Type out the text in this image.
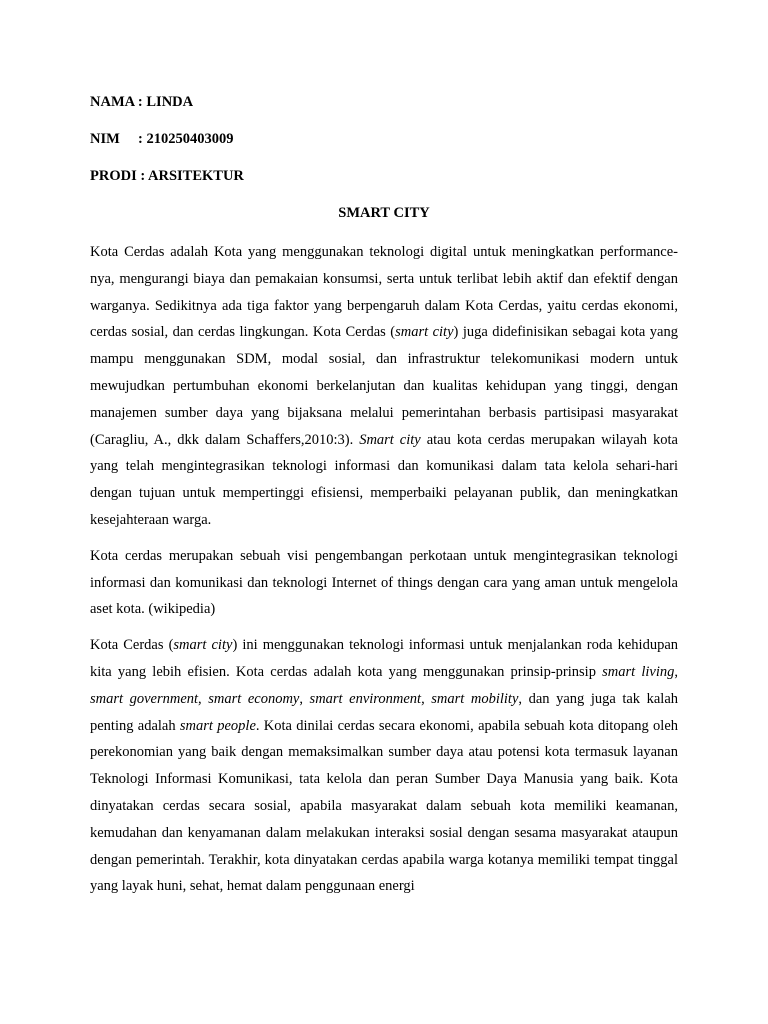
NAMA : LINDA
NIM : 210250403009
PRODI : ARSITEKTUR
SMART CITY

Kota Cerdas adalah Kota yang menggunakan teknologi digital untuk meningkatkan performance-nya, mengurangi biaya dan pemakaian konsumsi, serta untuk terlibat lebih aktif dan efektif dengan warganya. Sedikitnya ada tiga faktor yang berpengaruh dalam Kota Cerdas, yaitu cerdas ekonomi, cerdas sosial, dan cerdas lingkungan. Kota Cerdas (smart city) juga didefinisikan sebagai kota yang mampu menggunakan SDM, modal sosial, dan infrastruktur telekomunikasi modern untuk mewujudkan pertumbuhan ekonomi berkelanjutan dan kualitas kehidupan yang tinggi, dengan manajemen sumber daya yang bijaksana melalui pemerintahan berbasis partisipasi masyarakat (Caragliu, A., dkk dalam Schaffers,2010:3). Smart city atau kota cerdas merupakan wilayah kota yang telah mengintegrasikan teknologi informasi dan komunikasi dalam tata kelola sehari-hari dengan tujuan untuk mempertinggi efisiensi, memperbaiki pelayanan publik, dan meningkatkan kesejahteraan warga.

Kota cerdas merupakan sebuah visi pengembangan perkotaan untuk mengintegrasikan teknologi informasi dan komunikasi dan teknologi Internet of things dengan cara yang aman untuk mengelola aset kota. (wikipedia)

Kota Cerdas (smart city) ini menggunakan teknologi informasi untuk menjalankan roda kehidupan kita yang lebih efisien. Kota cerdas adalah kota yang menggunakan prinsip-prinsip smart living, smart government, smart economy, smart environment, smart mobility, dan yang juga tak kalah penting adalah smart people. Kota dinilai cerdas secara ekonomi, apabila sebuah kota ditopang oleh perekonomian yang baik dengan memaksimalkan sumber daya atau potensi kota termasuk layanan Teknologi Informasi Komunikasi, tata kelola dan peran Sumber Daya Manusia yang baik. Kota dinyatakan cerdas secara sosial, apabila masyarakat dalam sebuah kota memiliki keamanan, kemudahan dan kenyamanan dalam melakukan interaksi sosial dengan sesama masyarakat ataupun dengan pemerintah. Terakhir, kota dinyatakan cerdas apabila warga kotanya memiliki tempat tinggal yang layak huni, sehat, hemat dalam penggunaan energi
